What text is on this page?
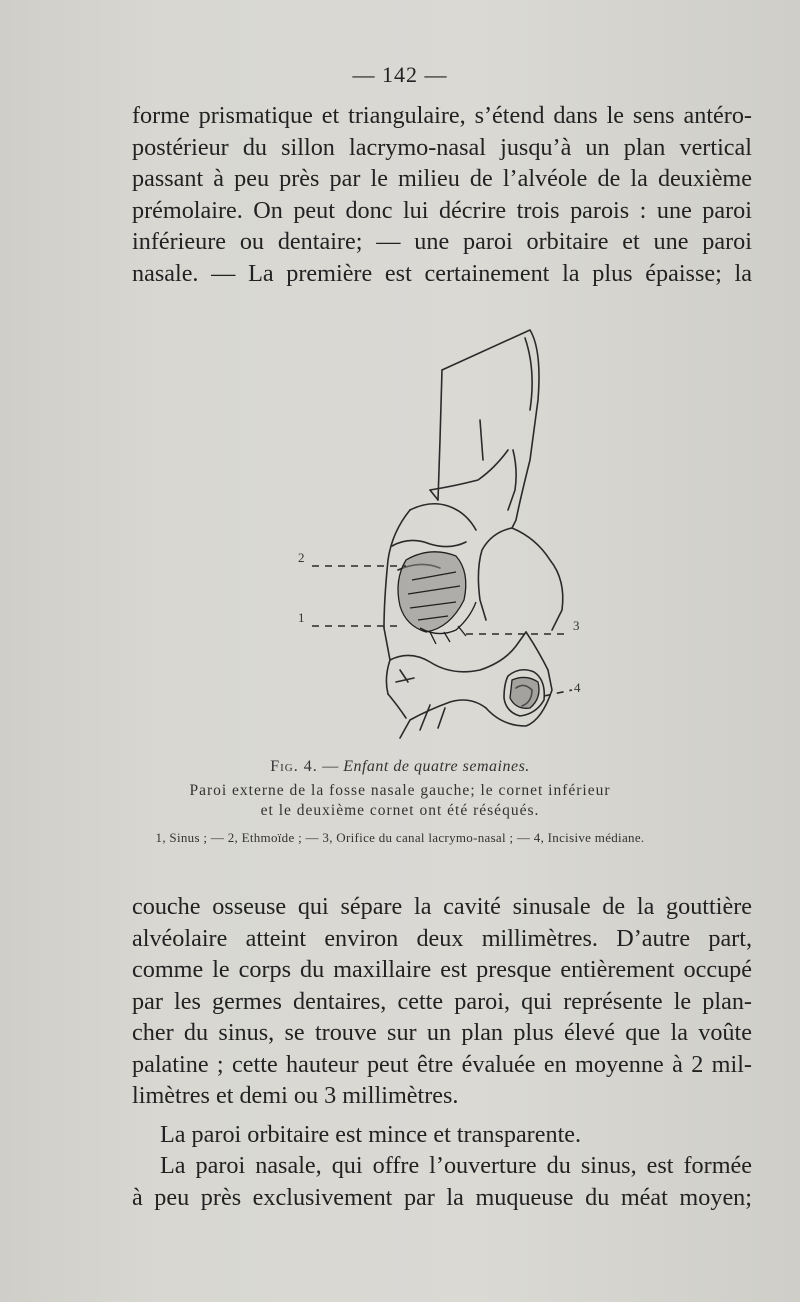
— 142 —

forme prismatique et triangulaire, s’étend dans le sens antéro-
postérieur du sillon lacrymo-nasal jusqu’à un plan vertical
passant à peu près par le milieu de l’alvéole de la deuxième
prémolaire. On peut donc lui décrire trois parois : une paroi
inférieure ou dentaire; — une paroi orbitaire et une paroi
nasale. — La première est certainement la plus épaisse; la

2
1
3
4
Fig. 4. — Enfant de quatre semaines.
Paroi externe de la fosse nasale gauche; le cornet inférieur
et le deuxième cornet ont été réséqués.
1, Sinus ; — 2, Ethmoïde ; — 3, Orifice du canal lacrymo-nasal ; — 4, Incisive médiane.

couche osseuse qui sépare la cavité sinusale de la gouttière
alvéolaire atteint environ deux millimètres. D’autre part,
comme le corps du maxillaire est presque entièrement occupé
par les germes dentaires, cette paroi, qui représente le plan-
cher du sinus, se trouve sur un plan plus élevé que la voûte
palatine ; cette hauteur peut être évaluée en moyenne à 2 mil-
limètres et demi ou 3 millimètres.

La paroi orbitaire est mince et transparente.

La paroi nasale, qui offre l’ouverture du sinus, est formée
à peu près exclusivement par la muqueuse du méat moyen;
